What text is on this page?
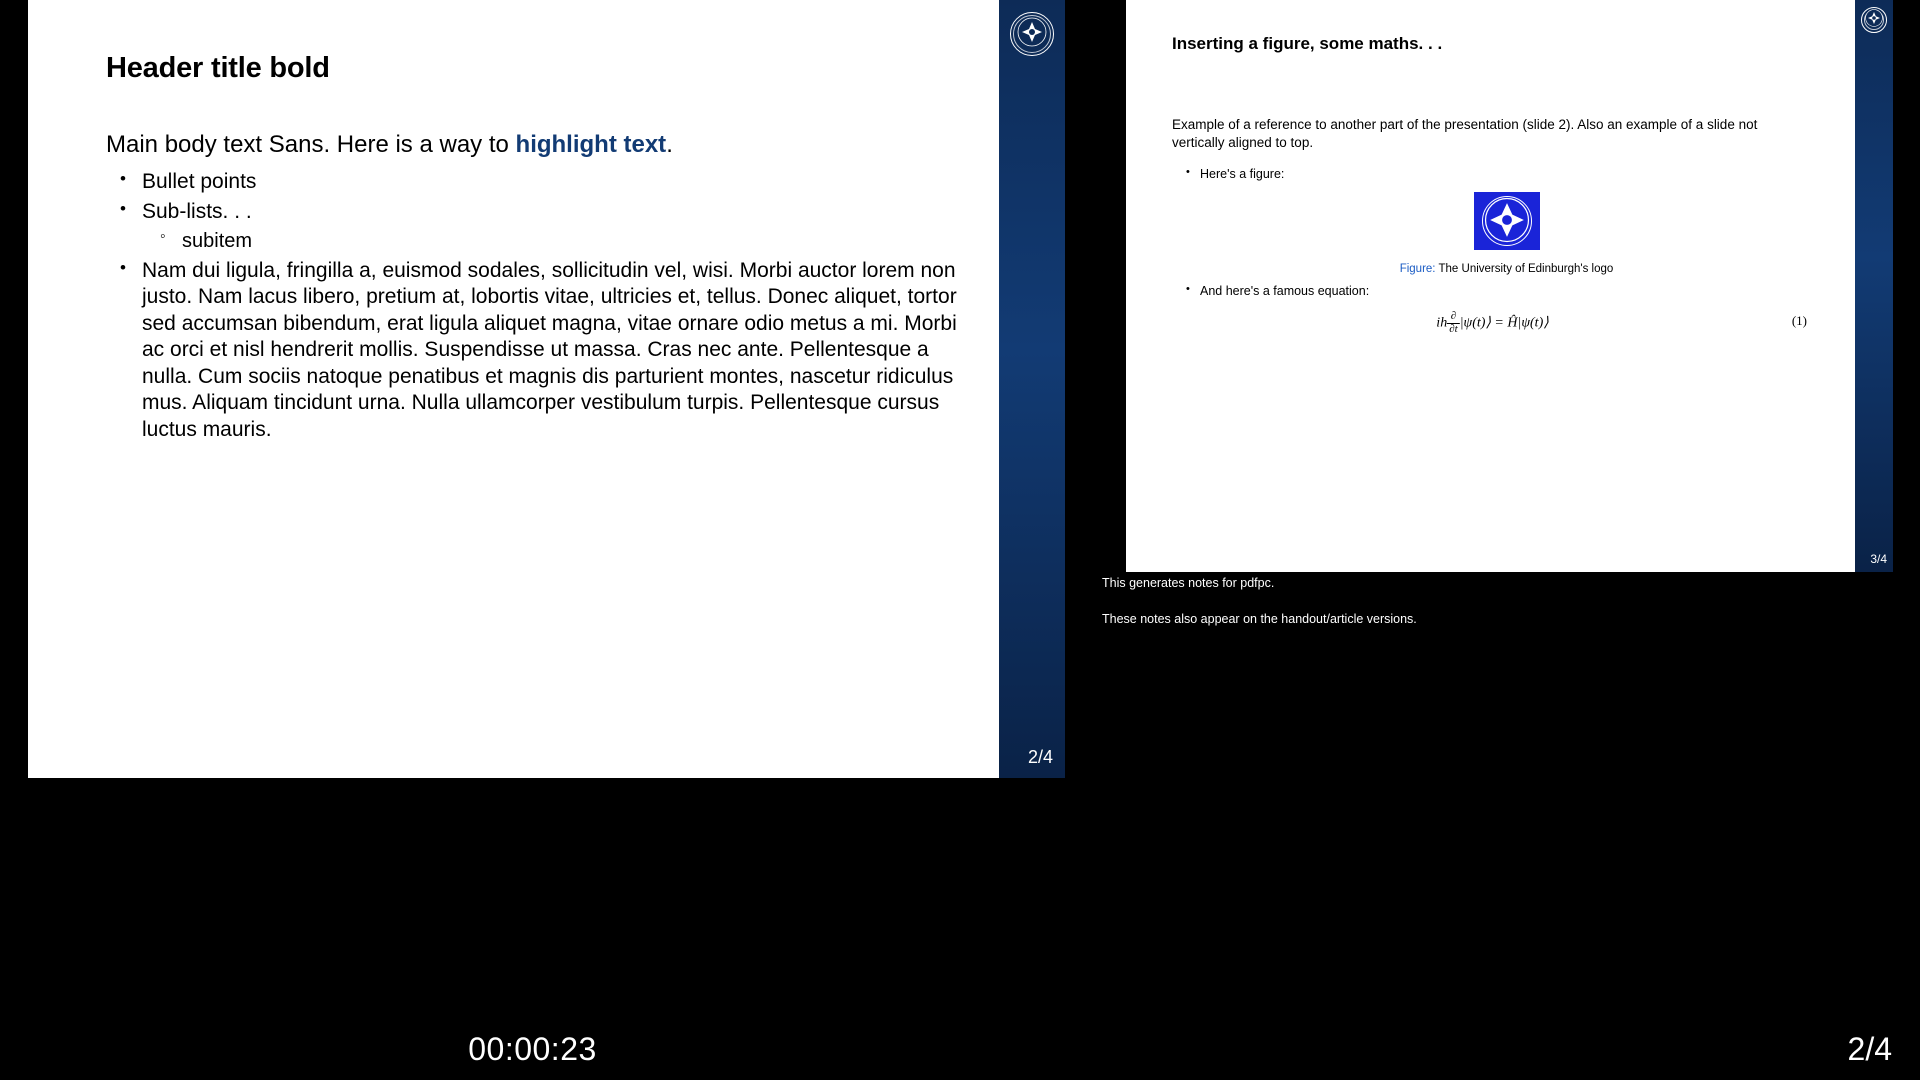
Header title bold

Main body text Sans. Here is a way to highlight text.

• Bullet points
• Sub-lists. . .
◦ subitem
• Nam dui ligula, fringilla a, euismod sodales, sollicitudin vel, wisi. Morbi auctor lorem non justo. Nam lacus libero, pretium at, lobortis vitae, ultricies et, tellus. Donec aliquet, tortor sed accumsan bibendum, erat ligula aliquet magna, vitae ornare odio metus a mi. Morbi ac orci et nisl hendrerit mollis. Suspendisse ut massa. Cras nec ante. Pellentesque a nulla. Cum sociis natoque penatibus et magnis dis parturient montes, nascetur ridiculus mus. Aliquam tincidunt urna. Nulla ullamcorper vestibulum turpis. Pellentesque cursus luctus mauris.
2/4
Inserting a figure, some maths. . .

Example of a reference to another part of the presentation (slide 2). Also an example of a slide not vertically aligned to top.

• Here's a figure:
Figure: The University of Edinburgh's logo
• And here's a famous equation:
ih $\frac{\partial}{\partial t}$ |ψ(t)⟩ = Ĥ|ψ(t)⟩	(1)
3/4

This generates notes for pdfpc.

These notes also appear on the handout/article versions.

00:00:23	2/4
